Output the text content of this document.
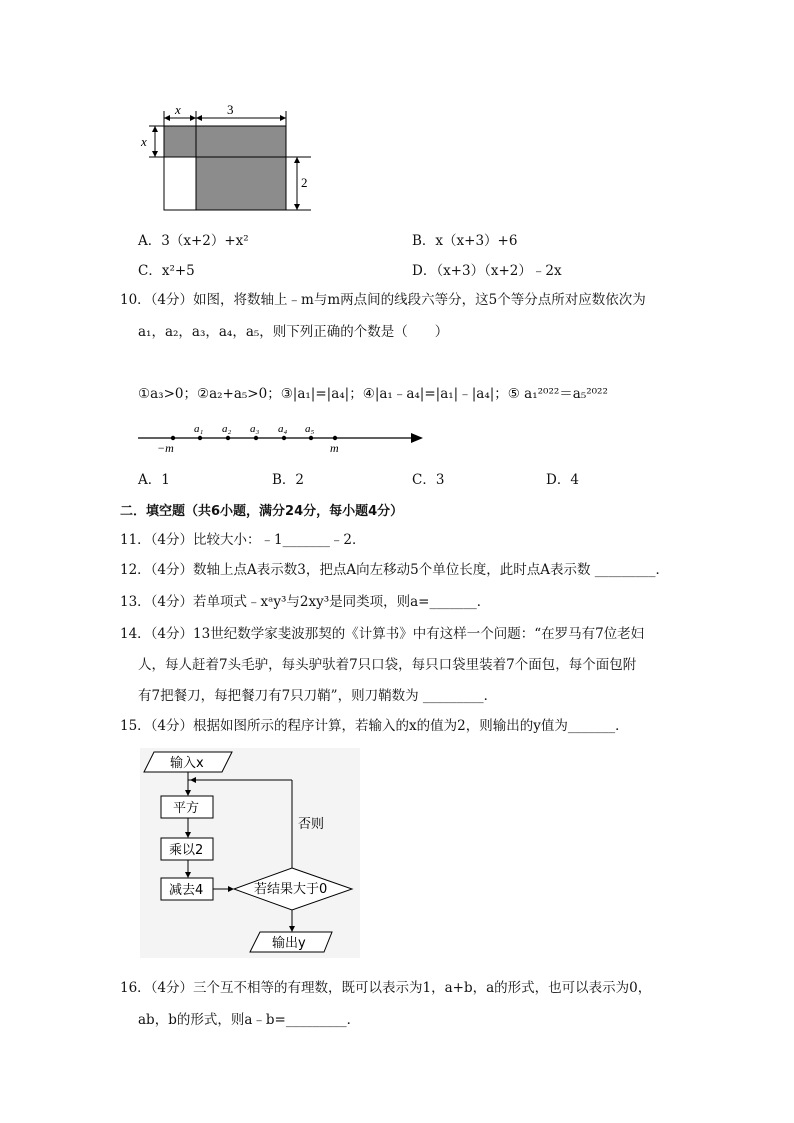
x	3
x
2
A．3（x+2）+x²	B．x（x+3）+6
C．x²+5	D．（x+3）（x+2）﹣2x
10．（4分）如图，将数轴上﹣m与m两点间的线段六等分，这5个等分点所对应数依次为
a₁，a₂，a₃，a₄，a₅，则下列正确的个数是（　　）
①a₃>0；②a₂+a₅>0；③|a₁|=|a₄|；④|a₁﹣a₄|=|a₁|﹣|a₄|；⑤ a₁²⁰²²＝a₅²⁰²²
a₁ a₂ a₃ a₄ a₅
−m	m
A．1	B．2	C．3	D．4
二．填空题（共6小题，满分24分，每小题4分）
11．（4分）比较大小：﹣1_______﹣2．
12．（4分）数轴上点A表示数3，把点A向左移动5个单位长度，此时点A表示数 _________．
13．（4分）若单项式﹣xᵃy³与2xy³是同类项，则a=_______．
14．（4分）13世纪数学家斐波那契的《计算书》中有这样一个问题：“在罗马有7位老妇
人，每人赶着7头毛驴，每头驴驮着7只口袋，每只口袋里装着7个面包，每个面包附
有7把餐刀，每把餐刀有7只刀鞘”，则刀鞘数为 _________．
15．（4分）根据如图所示的程序计算，若输入的x的值为2，则输出的y值为_______．
输入x
平方
乘以2
减去4	若结果大于0
否则
输出y
16．（4分）三个互不相等的有理数，既可以表示为1，a+b，a的形式，也可以表示为0，
ab，b的形式，则a﹣b=_________．
